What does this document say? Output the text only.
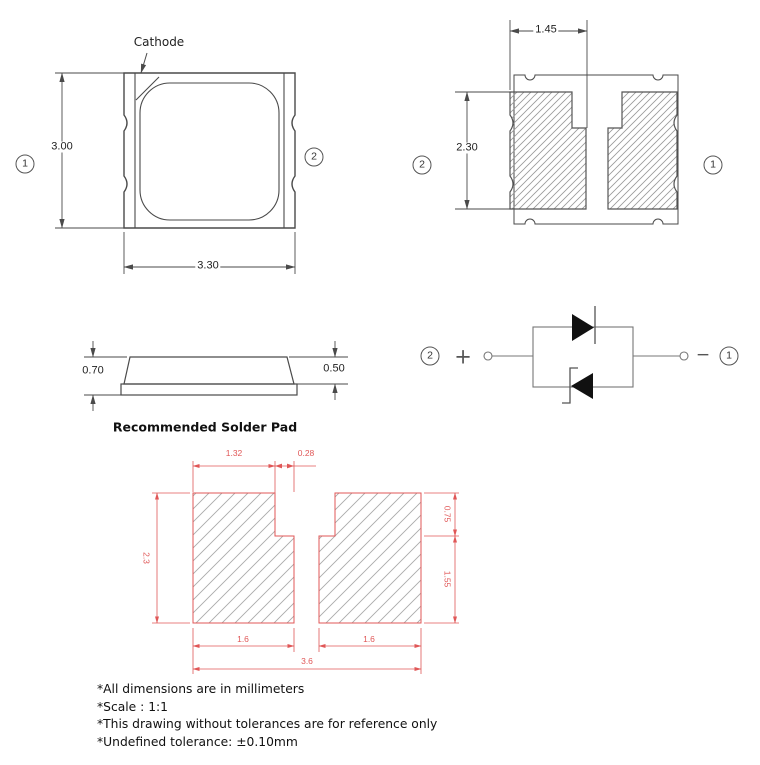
Cathode
3.00
3.30
1
2
1.45
2.30
2	1
0.70	0.50
2	+	−	1
Recommended Solder Pad
1.32	0.28
2.3
0.75
1.55
1.6	1.6
3.6
*All dimensions are in millimeters
*Scale : 1:1
*This drawing without tolerances are for reference only
*Undefined tolerance: ±0.10mm
